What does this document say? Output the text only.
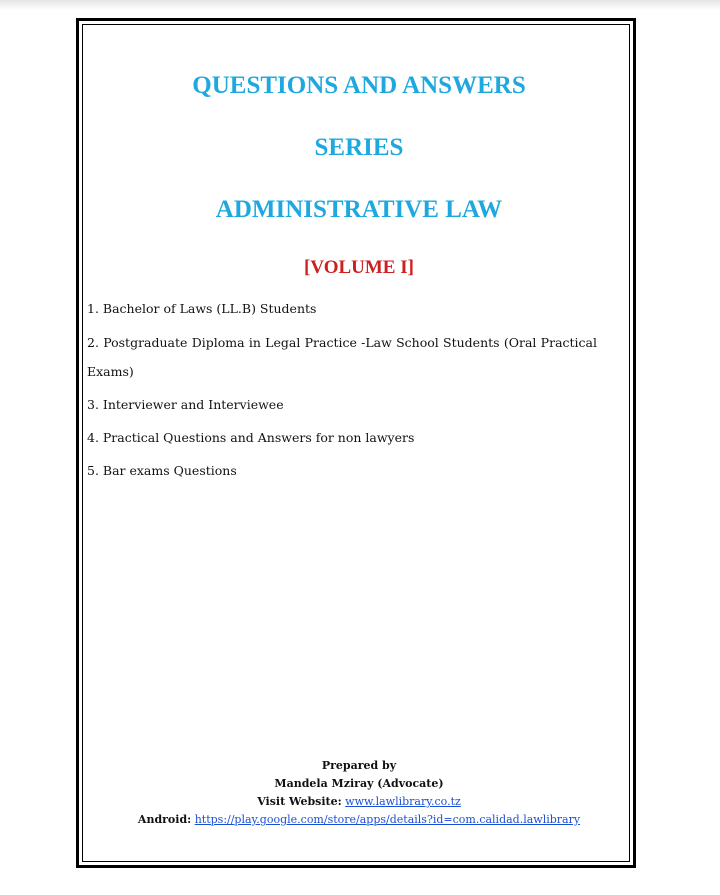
QUESTIONS AND ANSWERS
SERIES
ADMINISTRATIVE LAW
[VOLUME I]
1. Bachelor of Laws (LL.B) Students
2. Postgraduate Diploma in Legal Practice -Law School Students (Oral Practical
Exams)
3. Interviewer and Interviewee
4. Practical Questions and Answers for non lawyers
5. Bar exams Questions
Prepared by
Mandela Mziray (Advocate)
Visit Website: www.lawlibrary.co.tz
Android: https://play.google.com/store/apps/details?id=com.calidad.lawlibrary
